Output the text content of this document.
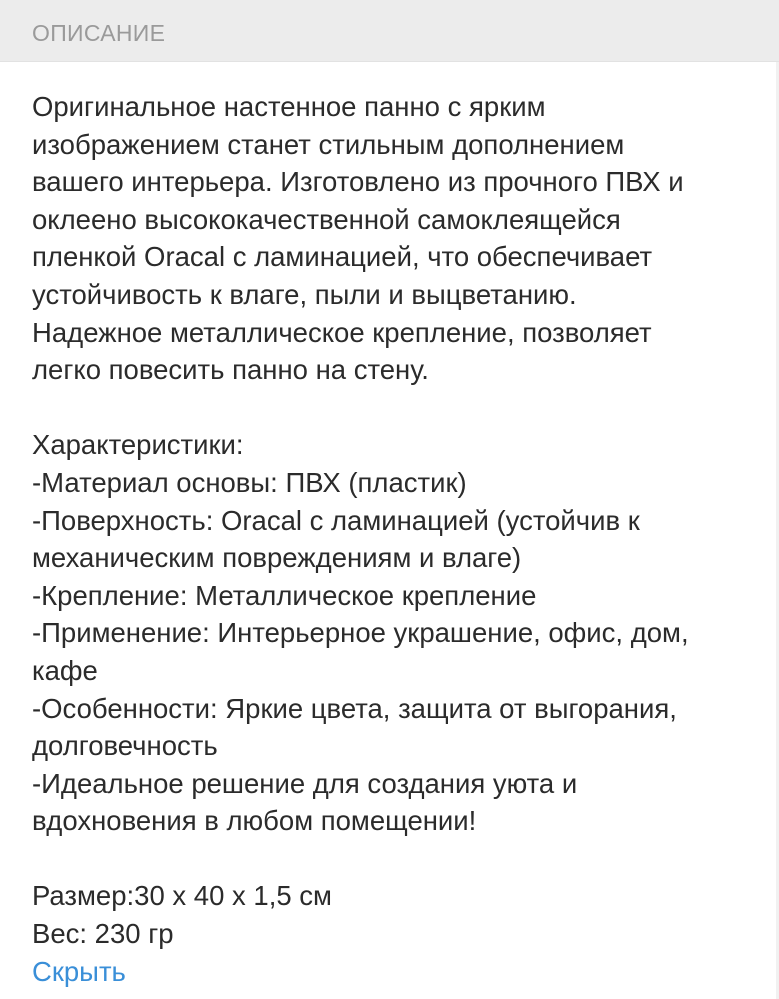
ОПИСАНИЕ
Оригинальное настенное панно с ярким
изображением станет стильным дополнением
вашего интерьера. Изготовлено из прочного ПВХ и
оклеено высококачественной самоклеящейся
пленкой Oracal с ламинацией, что обеспечивает
устойчивость к влаге, пыли и выцветанию.
Надежное металлическое крепление, позволяет
легко повесить панно на стену.
Характеристики:
-Материал основы: ПВХ (пластик)
-Поверхность: Oracal с ламинацией (устойчив к
механическим повреждениям и влаге)
-Крепление: Металлическое крепление
-Применение: Интерьерное украшение, офис, дом,
кафе
-Особенности: Яркие цвета, защита от выгорания,
долговечность
-Идеальное решение для создания уюта и
вдохновения в любом помещении!
Размер:30 х 40 х 1,5 см
Вес: 230 гр
Скрыть
